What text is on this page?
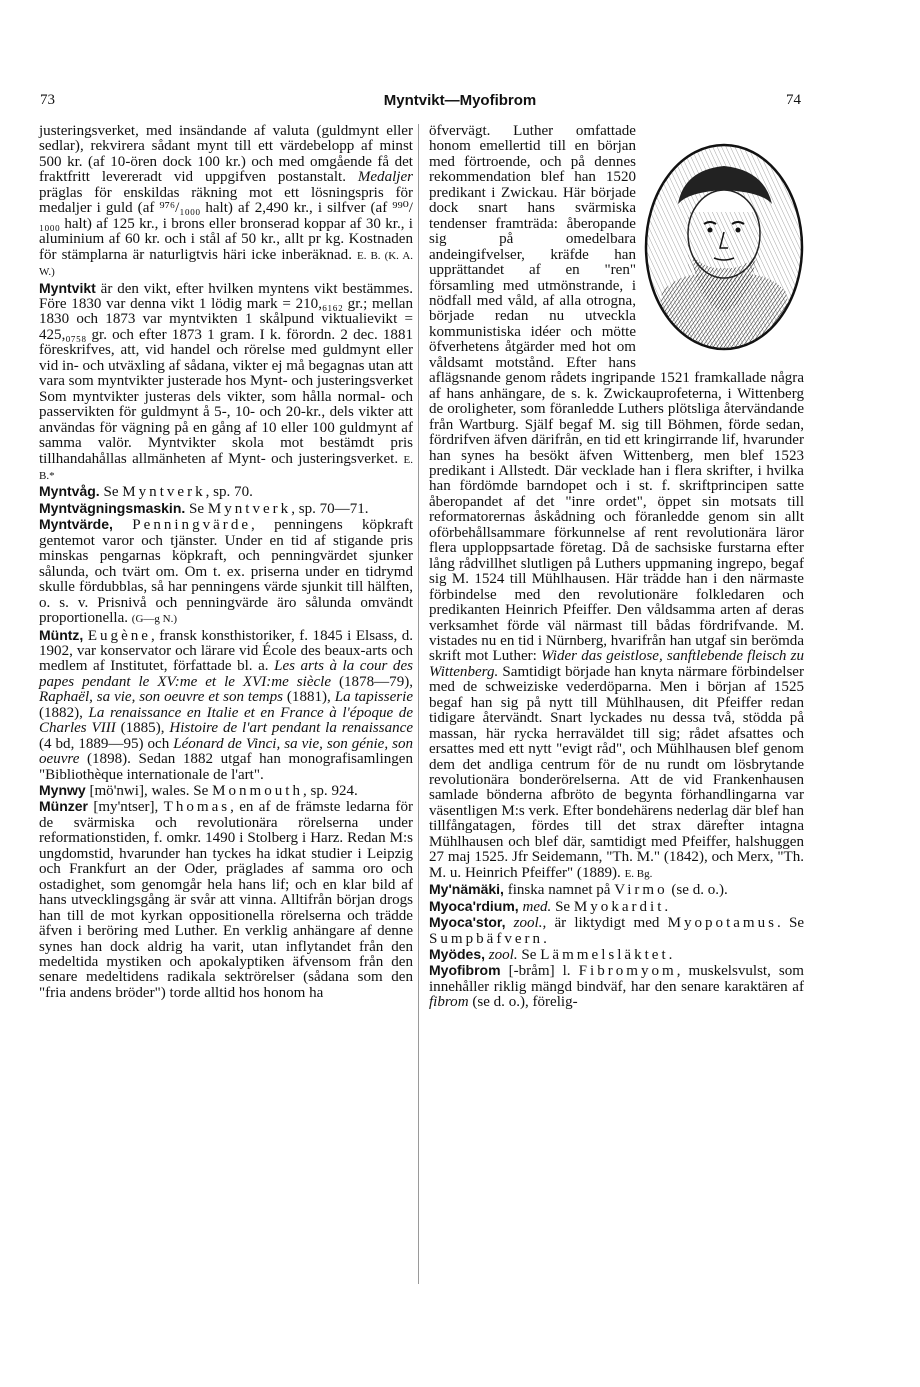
73	Myntvikt—Myofibrom	74

justeringsverket, med insändande af valuta (guldmynt eller sedlar), rekvirera sådant mynt till ett värdebelopp af minst 500 kr. (af 10-ören dock 100 kr.) och med omgående få det fraktfritt levereradt vid uppgifven postanstalt. Medaljer präglas för enskildas räkning mot ett lösningspris för medaljer i guld (af ⁹⁷⁶/₁₀₀₀ halt) af 2,490 kr., i silfver (af ⁹⁹⁰/₁₀₀₀ halt) af 125 kr., i brons eller bronserad koppar af 30 kr., i aluminium af 60 kr. och i stål af 50 kr., allt pr kg. Kostnaden för stämplarna är naturligtvis häri icke inberäknad. E. B. (K. A. W.)

Myntvikt är den vikt, efter hvilken myntens vikt bestämmes. Före 1830 var denna vikt 1 lödig mark = 210,₆₁₆₂ gr.; mellan 1830 och 1873 var myntvikten 1 skålpund viktualievikt = 425,₀₇₅₈ gr. och efter 1873 1 gram. I k. förordn. 2 dec. 1881 föreskrifves, att, vid handel och rörelse med guldmynt eller vid in- och utväxling af sådana, vikter ej må begagnas utan att vara som myntvikter justerade hos Mynt- och justeringsverket Som myntvikter justeras dels vikter, som hålla normal- och passervikten för guldmynt å 5-, 10- och 20-kr., dels vikter att användas för vägning på en gång af 10 eller 100 guldmynt af samma valör. Myntvikter skola mot bestämdt pris tillhandahållas allmänheten af Mynt- och justeringsverket. E. B.*

Myntvåg. Se Myntverk, sp. 70.

Myntvägningsmaskin. Se Myntverk, sp. 70—71.

Myntvärde, Penningvärde, penningens köpkraft gentemot varor och tjänster. Under en tid af stigande pris minskas pengarnas köpkraft, och penningvärdet sjunker sålunda, och tvärt om. Om t. ex. priserna under en tidrymd skulle fördubblas, så har penningens värde sjunkit till hälften, o. s. v. Prisnivå och penningvärde äro sålunda omvändt proportionella. (G—g N.)

Müntz, Eugène, fransk konsthistoriker, f. 1845 i Elsass, d. 1902, var konservator och lärare vid École des beaux-arts och medlem af Institutet, författade bl. a. Les arts à la cour des papes pendant le XV:me et le XVI:me siècle (1878—79), Raphaël, sa vie, son oeuvre et son temps (1881), La tapisserie (1882), La renaissance en Italie et en France à l'époque de Charles VIII (1885), Histoire de l'art pendant la renaissance (4 bd, 1889—95) och Léonard de Vinci, sa vie, son génie, son oeuvre (1898). Sedan 1882 utgaf han monografisamlingen "Bibliothèque internationale de l'art".

Mynwy [mö'nwi], wales. Se Monmouth, sp. 924.

Münzer [my'ntser], Thomas, en af de främste ledarna för de svärmiska och revolutionära rörelserna under reformationstiden, f. omkr. 1490 i Stolberg i Harz. Redan M:s ungdomstid, hvarunder han tyckes ha idkat studier i Leipzig och Frankfurt an der Oder, präglades af samma oro och ostadighet, som genomgår hela hans lif; och en klar bild af hans utvecklingsgång är svår att vinna. Alltifrån början drogs han till de mot kyrkan oppositionella rörelserna och trädde äfven i beröring med Luther. En verklig anhängare af denne synes han dock aldrig ha varit, utan inflytandet från den medeltida mystiken och apokalyptiken äfvensom från den senare medeltidens radikala sektrörelser (sådana som den "fria andens bröder") torde alltid hos honom ha

öfvervägt. Luther omfattade honom emellertid till en början med förtroende, och på dennes rekommendation blef han 1520 predikant i Zwickau. Här började dock snart hans svärmiska tendenser framträda: åberopande sig på omedelbara andeingifvelser, kräfde han upprättandet af en "ren" församling med utmönstrande, i nödfall med våld, af alla otrogna, började redan nu utveckla kommunistiska idéer och mötte öfverhetens åtgärder med hot om våldsamt motstånd. Efter hans aflägsnande genom rådets ingripande 1521 framkallade några af hans anhängare, de s. k. Zwickauprofeterna, i Wittenberg de oroligheter, som föranledde Luthers plötsliga återvändande från Wartburg. Själf begaf M. sig till Böhmen, förde sedan, fördrifven äfven därifrån, en tid ett kringirrande lif, hvarunder han synes ha besökt äfven Wittenberg, men blef 1523 predikant i Allstedt. Där vecklade han i flera skrifter, i hvilka han fördömde barndopet och i st. f. skriftprincipen satte åberopandet af det "inre ordet", öppet sin motsats till reformatorernas åskådning och föranledde genom sin allt oförbehållsammare förkunnelse af rent revolutionära läror flera upploppsartade företag. Då de sachsiske furstarna efter lång rådvillhet slutligen på Luthers uppmaning ingrepo, begaf sig M. 1524 till Mühlhausen. Här trädde han i den närmaste förbindelse med den revolutionäre folkledaren och predikanten Heinrich Pfeiffer. Den våldsamma arten af deras verksamhet förde väl närmast till bådas fördrifvande. M. vistades nu en tid i Nürnberg, hvarifrån han utgaf sin berömda skrift mot Luther: Wider das geistlose, sanftlebende fleisch zu Wittenberg. Samtidigt började han knyta närmare förbindelser med de schweiziske vederdöparna. Men i början af 1525 begaf han sig på nytt till Mühlhausen, dit Pfeiffer redan tidigare återvändt. Snart lyckades nu dessa två, stödda på massan, här rycka herraväldet till sig; rådet afsattes och ersattes med ett nytt "evigt råd", och Mühlhausen blef genom dem det andliga centrum för de nu rundt om lösbrytande revolutionära bonderörelserna. Att de vid Frankenhausen samlade bönderna afbröto de begynta förhandlingarna var väsentligen M:s verk. Efter bondehärens nederlag där blef han tillfångatagen, fördes till det strax därefter intagna Mühlhausen och blef där, samtidigt med Pfeiffer, halshuggen 27 maj 1525. Jfr Seidemann, "Th. M." (1842), och Merx, "Th. M. u. Heinrich Pfeiffer" (1889). E. Bg.

My'nämäki, finska namnet på Virmo (se d. o.).

Myoca'rdium, med. Se Myokardit.

Myoca'stor, zool., är liktydigt med Myopotamus. Se Sumpbäfvern.

Myödes, zool. Se Lämmelsläktet.

Myofibrom [-bråm] l. Fibromyom, muskelsvulst, som innehåller riklig mängd bindväf, har den senare karaktären af fibrom (se d. o.), förelig-
